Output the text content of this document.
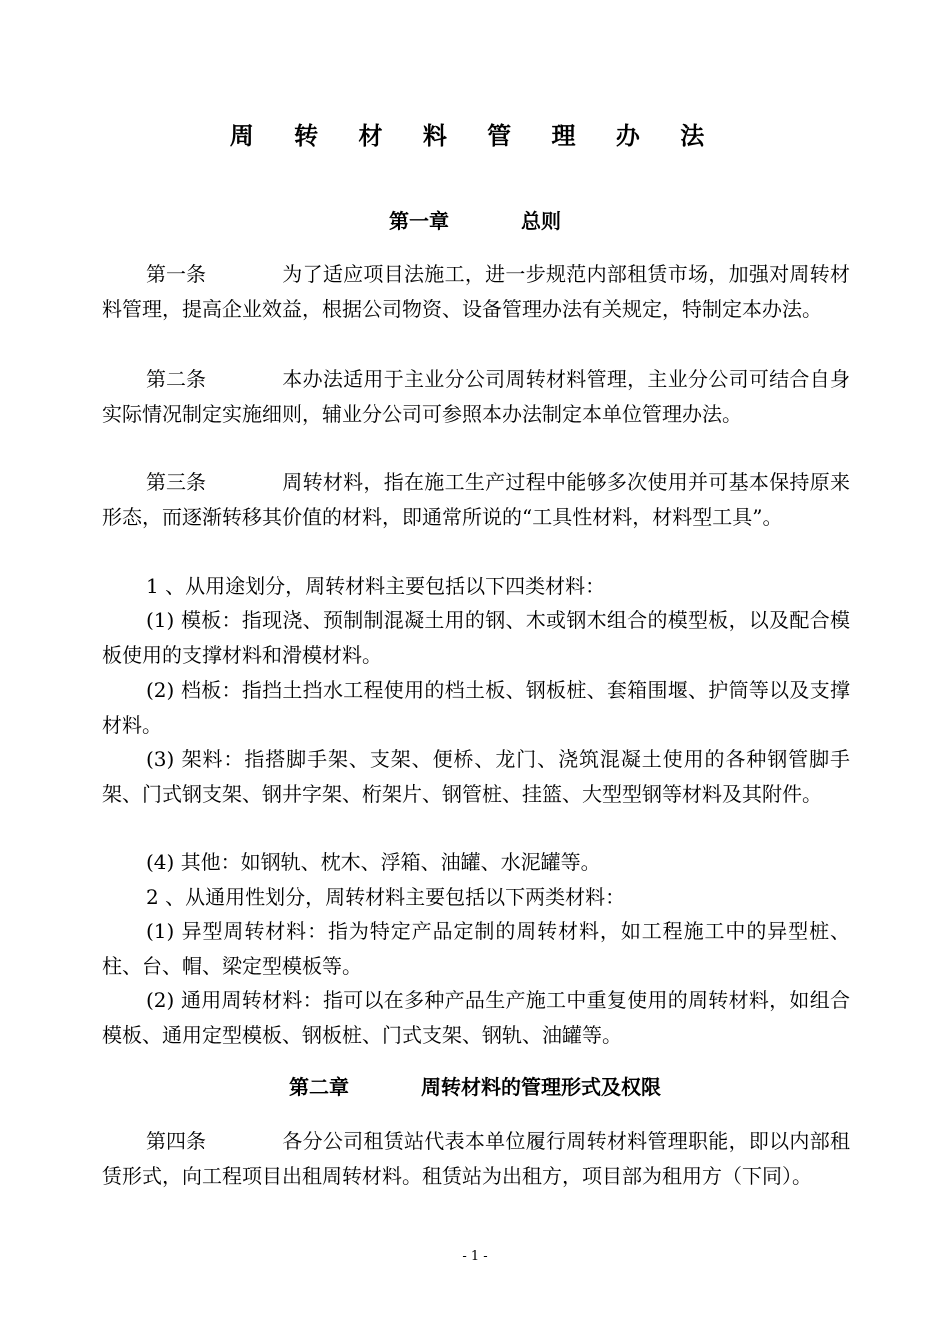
周 转 材 料 管 理 办 法
第一章	总则

第一条	为了适应项目法施工，进一步规范内部租赁市场，加强对周转材料管理，提高企业效益，根据公司物资、设备管理办法有关规定，特制定本办法。

第二条	本办法适用于主业分公司周转材料管理，主业分公司可结合自身实际情况制定实施细则，辅业分公司可参照本办法制定本单位管理办法。

第三条	周转材料，指在施工生产过程中能够多次使用并可基本保持原来形态，而逐渐转移其价值的材料，即通常所说的“工具性材料，材料型工具”。

1 、从用途划分，周转材料主要包括以下四类材料：

(1) 模板：指现浇、预制制混凝土用的钢、木或钢木组合的模型板，以及配合模板使用的支撑材料和滑模材料。

(2) 档板：指挡土挡水工程使用的档土板、钢板桩、套箱围堰、护筒等以及支撑材料。

(3) 架料：指搭脚手架、支架、便桥、龙门、浇筑混凝土使用的各种钢管脚手架、门式钢支架、钢井字架、桁架片、钢管桩、挂篮、大型型钢等材料及其附件。

(4) 其他：如钢轨、枕木、浮箱、油罐、水泥罐等。

2 、从通用性划分，周转材料主要包括以下两类材料：

(1) 异型周转材料：指为特定产品定制的周转材料，如工程施工中的异型桩、柱、台、帽、梁定型模板等。

(2) 通用周转材料：指可以在多种产品生产施工中重复使用的周转材料，如组合模板、通用定型模板、钢板桩、门式支架、钢轨、油罐等。

第二章	周转材料的管理形式及权限

第四条	各分公司租赁站代表本单位履行周转材料管理职能，即以内部租赁形式，向工程项目出租周转材料。租赁站为出租方，项目部为租用方（下同）。

- 1 -
